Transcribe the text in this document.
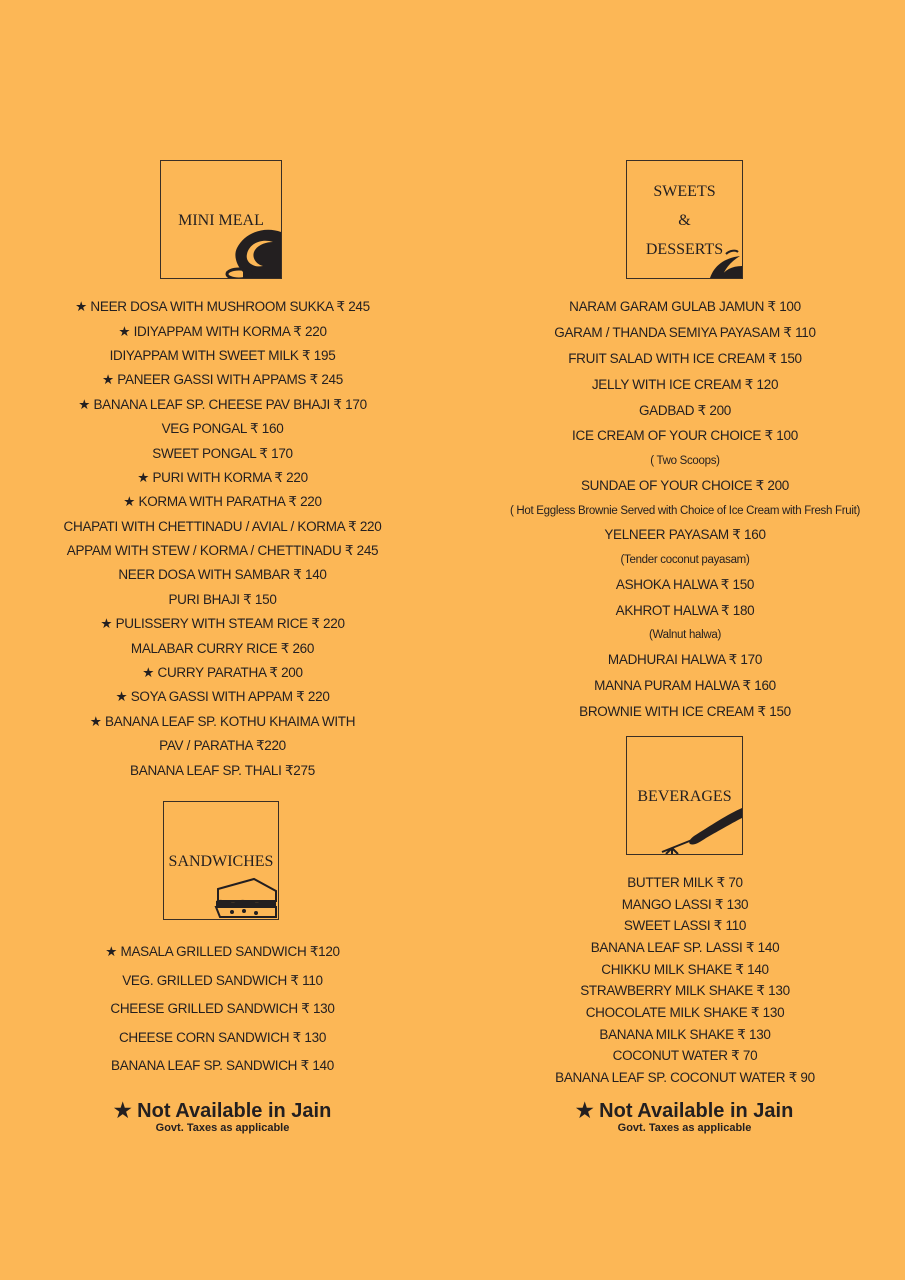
MINI MEAL
★ NEER DOSA WITH MUSHROOM SUKKA ₹ 245
★ IDIYAPPAM WITH KORMA ₹ 220
IDIYAPPAM WITH SWEET MILK ₹ 195
★ PANEER GASSI WITH APPAMS ₹ 245
★ BANANA LEAF SP. CHEESE PAV BHAJI ₹ 170
VEG PONGAL ₹ 160
SWEET PONGAL ₹ 170
★ PURI WITH KORMA ₹ 220
★ KORMA WITH PARATHA ₹ 220
CHAPATI WITH CHETTINADU / AVIAL / KORMA ₹ 220
APPAM WITH STEW / KORMA / CHETTINADU ₹ 245
NEER DOSA WITH SAMBAR ₹ 140
PURI BHAJI ₹ 150
★ PULISSERY WITH STEAM RICE ₹ 220
MALABAR CURRY RICE ₹ 260
★ CURRY PARATHA ₹ 200
★ SOYA GASSI WITH APPAM ₹ 220
★ BANANA LEAF SP. KOTHU KHAIMA WITH
PAV / PARATHA ₹220
BANANA LEAF SP. THALI ₹275
SANDWICHES
★ MASALA GRILLED SANDWICH ₹120
VEG. GRILLED SANDWICH ₹ 110
CHEESE GRILLED SANDWICH ₹ 130
CHEESE CORN SANDWICH ₹ 130
BANANA LEAF SP. SANDWICH ₹ 140
★ Not Available in Jain
Govt. Taxes as applicable
SWEETS
&
DESSERTS
NARAM GARAM GULAB JAMUN ₹ 100
GARAM / THANDA SEMIYA PAYASAM ₹ 110
FRUIT SALAD WITH ICE CREAM ₹ 150
JELLY WITH ICE CREAM ₹ 120
GADBAD ₹ 200
ICE CREAM OF YOUR CHOICE ₹ 100
( Two Scoops)
SUNDAE OF YOUR CHOICE ₹ 200
( Hot Eggless Brownie Served with Choice of Ice Cream with Fresh Fruit)
YELNEER PAYASAM ₹ 160
(Tender coconut payasam)
ASHOKA HALWA ₹ 150
AKHROT HALWA ₹ 180
(Walnut halwa)
MADHURAI HALWA ₹ 170
MANNA PURAM HALWA ₹ 160
BROWNIE WITH ICE CREAM ₹ 150
BEVERAGES
BUTTER MILK ₹ 70
MANGO LASSI ₹ 130
SWEET LASSI ₹ 110
BANANA LEAF SP. LASSI ₹ 140
CHIKKU MILK SHAKE ₹ 140
STRAWBERRY MILK SHAKE ₹ 130
CHOCOLATE MILK SHAKE ₹ 130
BANANA MILK SHAKE ₹ 130
COCONUT WATER ₹ 70
BANANA LEAF SP. COCONUT WATER ₹ 90
★ Not Available in Jain
Govt. Taxes as applicable
